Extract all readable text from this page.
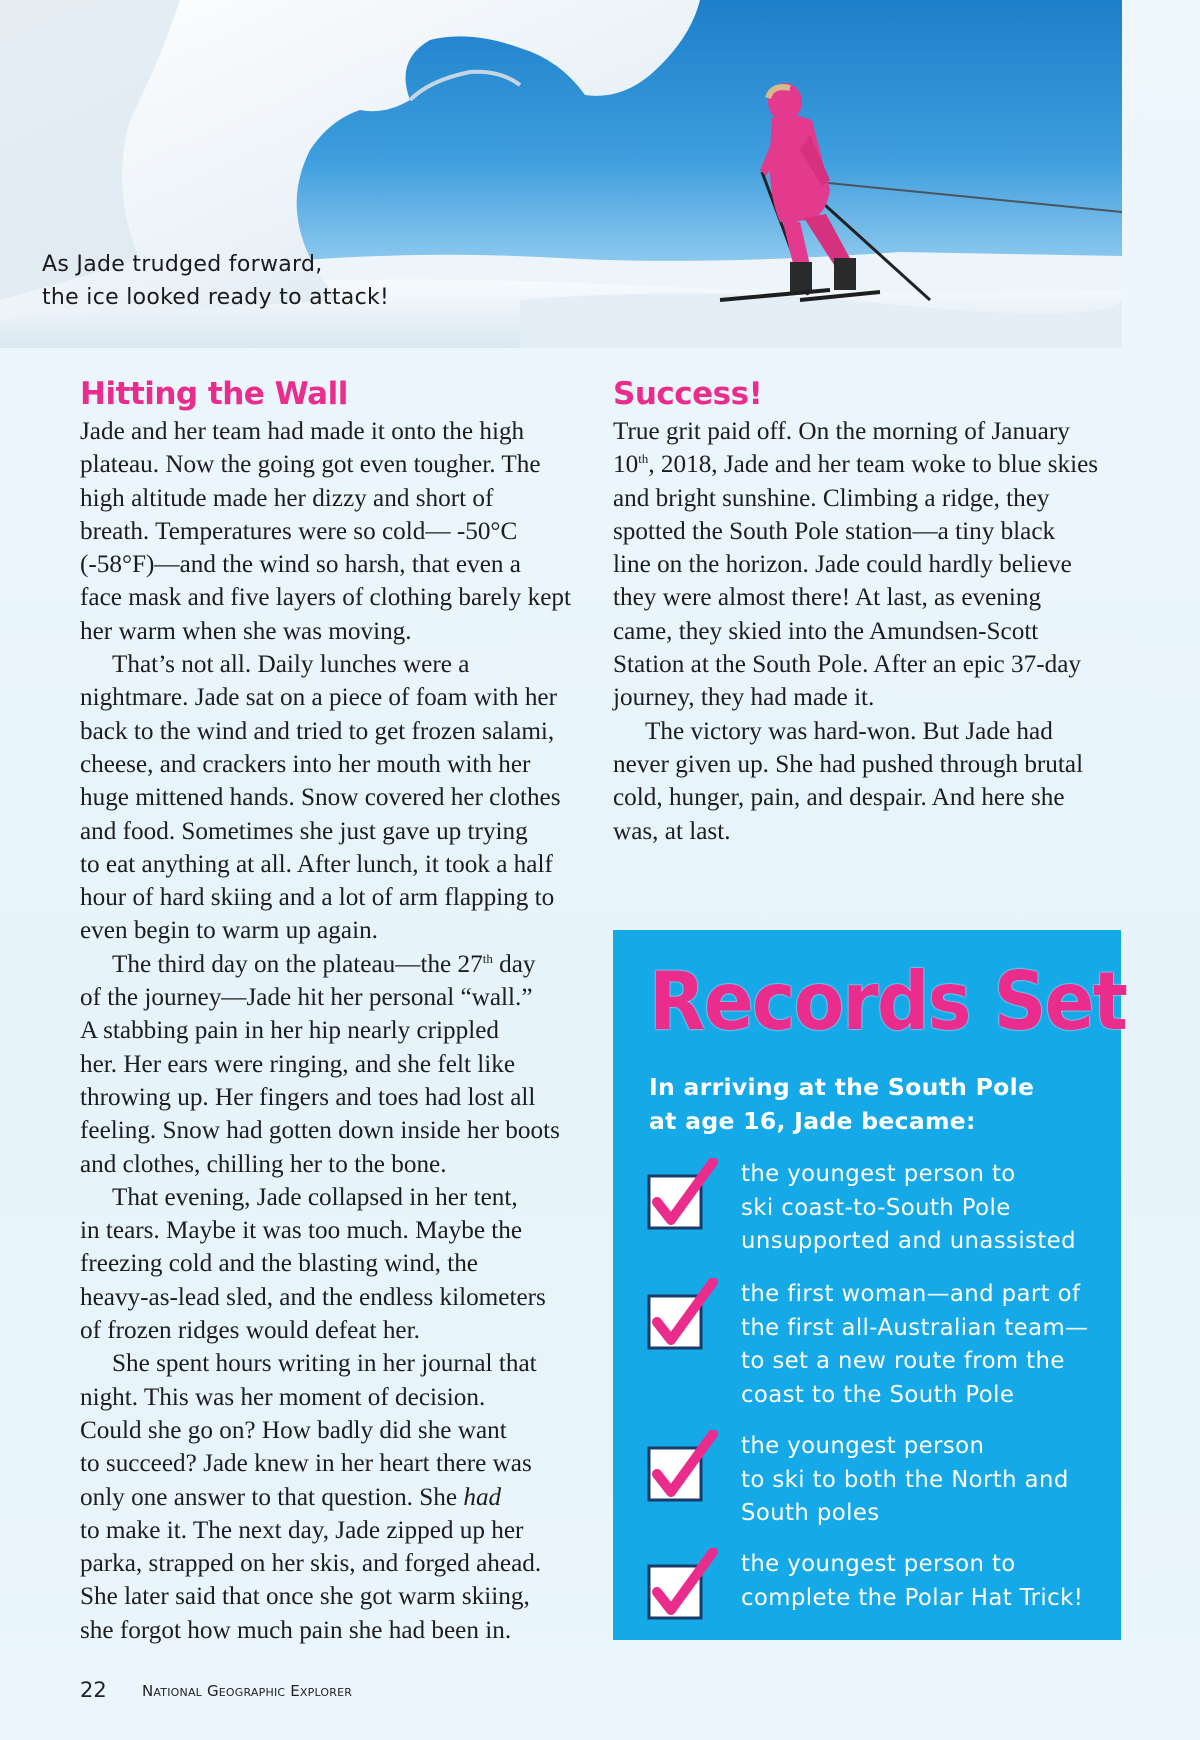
As Jade trudged forward,
the ice looked ready to attack!
Hitting the Wall

Jade and her team had made it onto the high
plateau. Now the going got even tougher. The
high altitude made her dizzy and short of
breath. Temperatures were so cold— -50°C
(-58°F)—and the wind so harsh, that even a
face mask and five layers of clothing barely kept
her warm when she was moving.

That’s not all. Daily lunches were a
nightmare. Jade sat on a piece of foam with her
back to the wind and tried to get frozen salami,
cheese, and crackers into her mouth with her
huge mittened hands. Snow covered her clothes
and food. Sometimes she just gave up trying
to eat anything at all. After lunch, it took a half
hour of hard skiing and a lot of arm flapping to
even begin to warm up again.

The third day on the plateau—the 27th day
of the journey—Jade hit her personal “wall.”
A stabbing pain in her hip nearly crippled
her. Her ears were ringing, and she felt like
throwing up. Her fingers and toes had lost all
feeling. Snow had gotten down inside her boots
and clothes, chilling her to the bone.

That evening, Jade collapsed in her tent,
in tears. Maybe it was too much. Maybe the
freezing cold and the blasting wind, the
heavy-as-lead sled, and the endless kilometers
of frozen ridges would defeat her.

She spent hours writing in her journal that
night. This was her moment of decision.
Could she go on? How badly did she want
to succeed? Jade knew in her heart there was
only one answer to that question. She had
to make it. The next day, Jade zipped up her
parka, strapped on her skis, and forged ahead.
She later said that once she got warm skiing,
she forgot how much pain she had been in.

Success!

True grit paid off. On the morning of January
10th, 2018, Jade and her team woke to blue skies
and bright sunshine. Climbing a ridge, they
spotted the South Pole station—a tiny black
line on the horizon. Jade could hardly believe
they were almost there! At last, as evening
came, they skied into the Amundsen-Scott
Station at the South Pole. After an epic 37-day
journey, they had made it.

The victory was hard-won. But Jade had
never given up. She had pushed through brutal
cold, hunger, pain, and despair. And here she
was, at last.

Records Set
In arriving at the South Pole
at age 16, Jade became:
the youngest person to
ski coast-to-South Pole
unsupported and unassisted
the first woman—and part of
the first all-Australian team—
to set a new route from the
coast to the South Pole
the youngest person
to ski to both the North and
South poles
the youngest person to
complete the Polar Hat Trick!
22 National Geographic Explorer
